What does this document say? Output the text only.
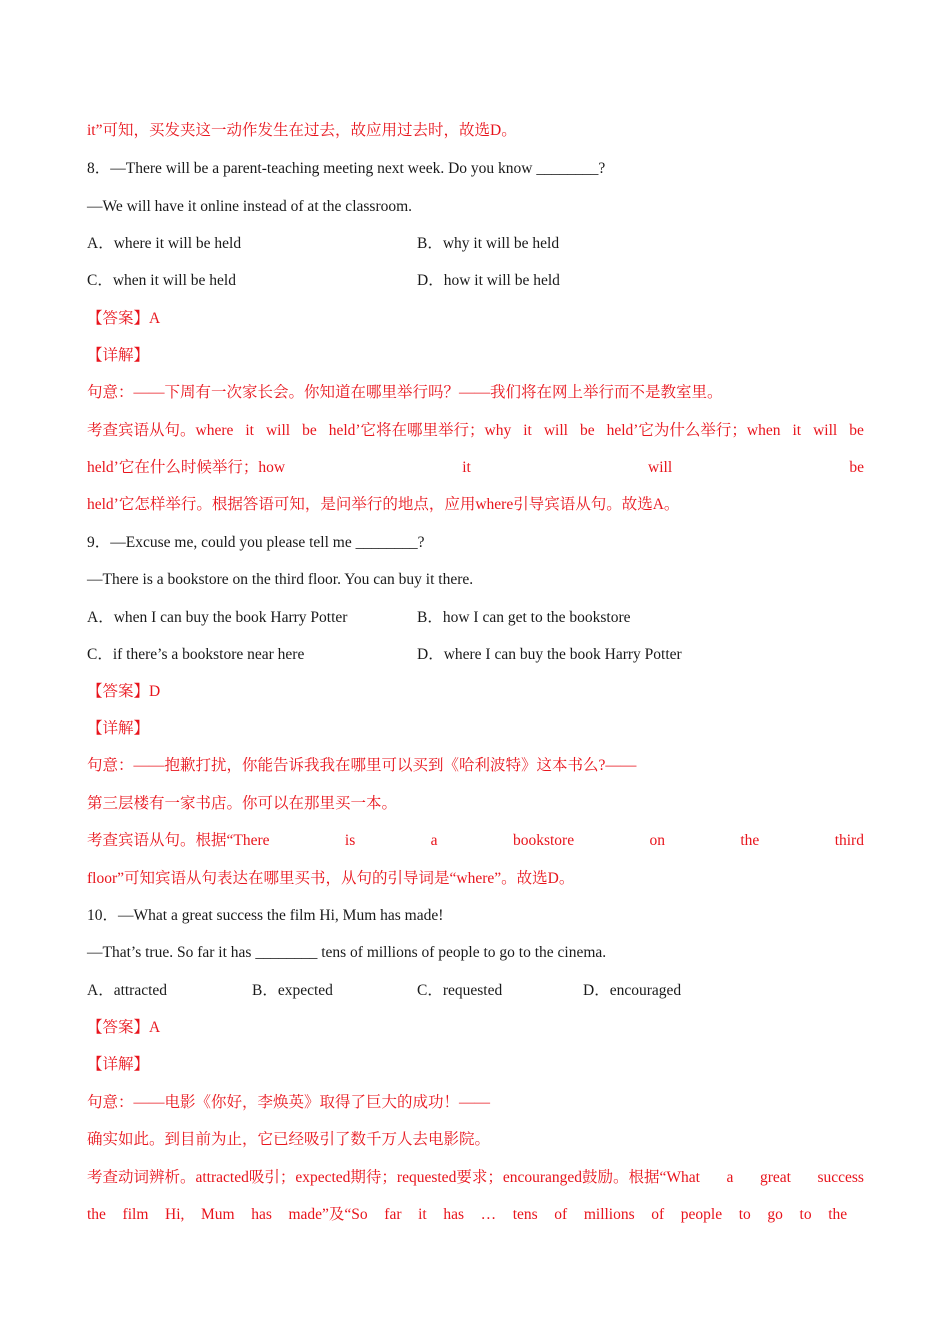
it”可知，买发夹这一动作发生在过去，故应用过去时，故选D。
8．—There will be a parent-teaching meeting next week. Do you know ________?
—We will have it online instead of at the classroom.
A．where it will be held	B．why it will be held
C．when it will be held	D．how it will be held
【答案】A
【详解】
句意：——下周有一次家长会。你知道在哪里举行吗？——我们将在网上举行而不是教室里。
考查宾语从句。where it will be held’它将在哪里举行；why it will be held’它为什么举行；when it will be
held’它在什么时候举行；how	it	will	be
held’它怎样举行。根据答语可知，是问举行的地点，应用where引导宾语从句。故选A。
9．—Excuse me, could you please tell me ________?
—There is a bookstore on the third floor. You can buy it there.
A．when I can buy the book Harry Potter	B．how I can get to the bookstore
C．if there’s a bookstore near here	D．where I can buy the book Harry Potter
【答案】D
【详解】
句意：——抱歉打扰，你能告诉我我在哪里可以买到《哈利波特》这本书么?——
第三层楼有一家书店。你可以在那里买一本。
考查宾语从句。根据“There	is	a	bookstore	on	the	third
floor”可知宾语从句表达在哪里买书，从句的引导词是“where”。故选D。
10．—What a great success the film Hi, Mum has made!
—That’s true. So far it has ________ tens of millions of people to go to the cinema.
A．attracted	B．expected	C．requested	D．encouraged
【答案】A
【详解】
句意：——电影《你好，李焕英》取得了巨大的成功！——
确实如此。到目前为止，它已经吸引了数千万人去电影院。
考查动词辨析。attracted吸引；expected期待；requested要求；encouranged鼓励。根据“What a great success
the film Hi, Mum has made”及“So far it has … tens of millions of people to go to the
